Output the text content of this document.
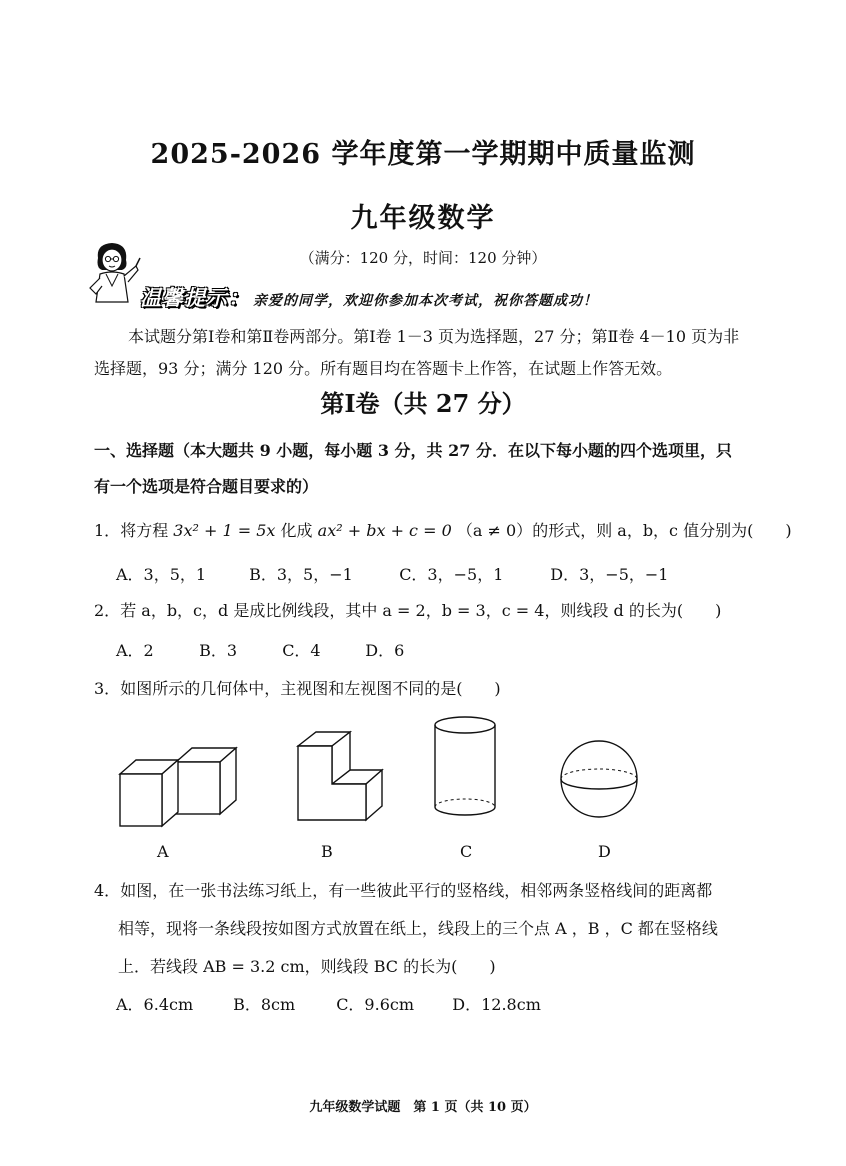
2025-2026 学年度第一学期期中质量监测
九年级数学
（满分：120 分，时间：120 分钟）
温馨提示： 亲爱的同学，欢迎你参加本次考试，祝你答题成功！
本试题分第Ⅰ卷和第Ⅱ卷两部分。第Ⅰ卷 1－3 页为选择题，27 分；第Ⅱ卷 4－10 页为非
选择题，93 分；满分 120 分。所有题目均在答题卡上作答，在试题上作答无效。
第Ⅰ卷（共 27 分）
一、选择题（本大题共 9 小题，每小题 3 分，共 27 分．在以下每小题的四个选项里，只
有一个选项是符合题目要求的）
1．将方程 3x² + 1 = 5x 化成 ax² + bx + c = 0 （a ≠ 0）的形式，则 a，b，c 值分别为(　　)
A．3，5，1	B．3，5，−1	C．3，−5，1	D．3，−5，−1
2．若 a，b，c，d 是成比例线段，其中 a = 2，b = 3，c = 4，则线段 d 的长为(　　)
A．2	B．3	C．4	D．6
3．如图所示的几何体中，主视图和左视图不同的是(　　)
A	B	C	D
4．如图，在一张书法练习纸上，有一些彼此平行的竖格线，相邻两条竖格线间的距离都
相等，现将一条线段按如图方式放置在纸上，线段上的三个点 A ，B ，C 都在竖格线
上．若线段 AB = 3.2 cm，则线段 BC 的长为(　　)
A．6.4cm B．8cm	C．9.6cm D．12.8cm
九年级数学试题　第 1 页（共 10 页）
